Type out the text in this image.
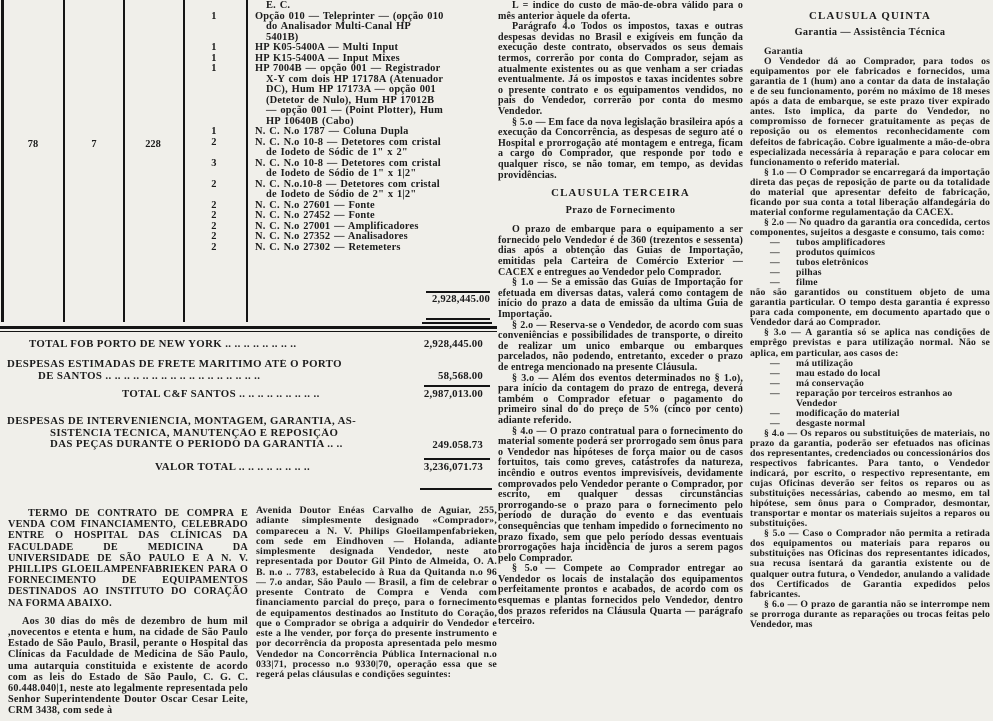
78	7	228
E. C.
1	Opção 010 — Teleprinter — (opção 010 do Analisador Multi-Canal HP 5401B)
1	HP K05-5400A — Multi Input
1	HP K15-5400A — Input Mixes
1	HP 7004B — opção 001 — Registrador X-Y com dois HP 17178A (Atenuador DC), Hum HP 17173A — opção 001 (Detetor de Nulo), Hum HP 17012B — opção 001 — (Point Plotter), Hum HP 10640B (Cabo)
1	N. C. N.o 1787 — Coluna Dupla
2	N. C. N.o 10-8 — Detetores com cristal de Iodeto de Sódic de 1" x 2"
3	N. C. N.o 10-8 — Detetores com cristal de Iodeto de Sódio de 1" x 1|2"
2	N. C. N.o.10-8 — Detetores com cristal de Iodeto de Sódio de 2" x 1|2"
2	N. C. N.o 27601 — Fonte
2	N. C. N.o 27452 — Fonte
2	N. C. N.o 27001 — Amplificadores
2	N. C. N.o 27352 — Analisadores
2	N. C. N.o 27302 — Retemeters
2,928,445.00
TOTAL FOB PORTO DE NEW YORK .. .. .. .. .. .. .. ..	2,928,445.00
DESPESAS ESTIMADAS DE FRETE MARITIMO ATÉ O PORTO
DE SANTOS .. .. .. .. .. .. .. .. .. .. .. .. .. .. .. .. ..	58,568.00
TOTAL C&F SANTOS .. .. .. .. .. .. .. .. ..	2,987,013.00
DESPESAS DE INTERVENIÊNCIA, MONTAGEM, GARANTIA, AS-
SISTÊNCIA TÉCNICA, MANUTENÇÃO E REPOSIÇÃO
DAS PEÇAS DURANTE O PERÍODO DA GARANTIA .. ..	249.058.73
VALOR TOTAL .. .. .. .. .. .. .. ..	3,236,071.73

TERMO DE CONTRATO DE COMPRA E VENDA COM FINANCIAMENTO, CELEBRADO ENTRE O HOSPITAL DAS CLÍNICAS DA FACULDADE DE MEDICINA DA UNIVERSIDADE DE SÃO PAULO E A N. V. PHILLIPS GLOEILAMPENFABRIEKEN PARA O FORNECIMENTO DE EQUIPAMENTOS DESTINADOS AO INSTITUTO DO CORAÇÃO NA FORMA ABAIXO.

Aos 30 dias do mês de dezembro de hum mil ,novecentos e etenta e hum, na cidade de São Paulo Estado de São Paulo, Brasil, perante o Hospital das Clínicas da Faculdade de Medicina de São Paulo, uma autarquia constituida e existente de acordo com as leis do Estado de São Paulo, C. G. C. 60.448.040|1, neste ato legalmente representada pelo Senhor Superintendente Doutor Oscar Cesar Leite, CRM 3438, com sede à

Avenida Doutor Enéas Carvalho de Aguiar, 255, adiante simplesmente designado «Comprador», compareceu a N. V. Philips Gloeilampenfabrieken, com sede em Eindhoven — Holanda, adiante simplesmente designada Vendedor, neste ato representada por Doutor Gil Pinto de Almeida, O. A. B. n.o .. 7783, estabelecido à Rua da Quitanda n.o 96 — 7.o andar, São Paulo — Brasil, a fim de celebrar o presente Contrato de Compra e Venda com financiamento parcial do preço, para o fornecimento de equipamentos destinados ao Instituto do Coração, que o Comprador se obriga a adquirir do Vendedor e este a lhe vender, por força do presente instrumento e por decorrência da proposta apresentada pelo mesmo Vendedor na Concorrência Pública Internacional n.o 033|71, processo n.o 9330|70, operação essa que se regerá pelas cláusulas e condições seguintes:

L = indice do custo de mão-de-obra válido para o mês anterior àquele da oferta.

Parágrafo 4.o Todos os impostos, taxas e outras despesas devidas no Brasil e exigíveis em função da execução deste contrato, observados os seus demais termos, correrão por conta do Comprador, sejam as atualmente existentes ou as que venham a ser criadas eventualmente. Já os impostos e taxas incidentes sobre o presente contrato e os equipamentos vendidos, no país do Vendedor, correrão por conta do mesmo Vendedor.

§ 5.o — Em face da nova legislação brasileira após a execução da Concorrência, as despesas de seguro até o Hospital e prorrogação até montagem e entrega, ficam a cargo do Comprador, que responde por todo e qualquer risco, se não tomar, em tempo, as devidas providências.

CLAUSULA TERCEIRA

Prazo de Fornecimento

O prazo de embarque para o equipamento a ser fornecido pelo Vendedor é de 360 (trezentos e sessenta) dias após a obtenção das Guias de Importação, emitidas pela Carteira de Comércio Exterior — CACEX e entregues ao Vendedor pelo Comprador.

§ 1.o — Se a emissão das Guias de Importação for efetuada em diversas datas, valerá como contagem de início do prazo a data de emissão da ultima Guia de Importação.

§ 2.o — Reserva-se o Vendedor, de acordo com suas conveniências e possibilidades de transporte, o direito de realizar um unico embarque ou embarques parcelados, não podendo, entretanto, exceder o prazo de entrega mencionado na presente Cláusula.

§ 3.o — Além dos eventos determinados no § 1.o), para início da contagem do prazo de entrega, deverá também o Comprador efetuar o pagamento do primeiro sinal do do preço de 5% (cinco por cento) adiante referido.

§ 4.o — O prazo contratual para o fornecimento do material somente poderá ser prorrogado sem ônus para o Vendedor nas hipóteses de força maior ou de casos fortuitos, tais como greves, catástrofes da natureza, incêndio e outros eventos imprevisíveis, devidamente comprovados pelo Vendedor perante o Comprador, por escrito, em qualquer dessas circunstâncias prorrogando-se o prazo para o fornecimento pelo período de duração do evento e das eventuais consequências que tenham impedido o fornecimento no prazo fixado, sem que pelo período dessas eventuais prorrogações haja incidência de juros a serem pagos pelo Comprador.

§ 5.o — Compete ao Comprador entregar ao Vendedor os locais de instalação dos equipamentos perfeitamente prontos e acabados, de acordo com os esquemas e plantas fornecidos pelo Vendedor, dentro dos prazos referidos na Cláusula Quarta — parágrafo terceiro.

CLAUSULA QUINTA

Garantia — Assistência Técnica

Garantia

O Vendedor dá ao Comprador, para todos os equipamentos por ele fabricados e fornecidos, uma garantia de 1 (hum) ano a contar da data de instalação e de seu funcionamento, porém no máximo de 18 meses após a data de embarque, se este prazo tiver expirado antes. Isto implica, da parte do Vendedor, no compromisso de fornecer gratuitamente as peças de reposição ou os elementos reconhecidamente com defeitos de fabricação. Cobre igualmente a mão-de-obra especializada necessária à reparação e para colocar em funcionamento o referido material.

§ 1.o — O Comprador se encarregará da importação direta das peças de reposição de parte ou da totalidade do material que apresentar defeito de fabricação, ficando por sua conta a total liberação alfandegária do material conforme regulamentação da CACEX.

§ 2.o — No quadro da garantia ora concedida, certos componentes, sujeitos a desgaste e consumo, tais como:

— tubos amplificadores
— produtos químicos
— tubos eletrônicos
— pilhas
— filme

não são garantidos ou constituem objeto de uma garantia particular. O tempo desta garantia é expresso para cada componente, em documento apartado que o Vendedor dará ao Comprador.

§ 3.o — A garantia só se aplica nas condições de emprêgo previstas e para utilização normal. Não se aplica, em particular, aos casos de:

— má utilização
— mau estado do local
— má conservação
— reparação por terceiros estranhos ao Vendedor
— modificação do material
— desgaste normal

§ 4.o — Os reparos ou substituições de materiais, no prazo da garantia, poderão ser efetuados nas oficinas dos representantes, credenciados ou concessionários dos respectivos fabricantes. Para tanto, o Vendedor indicará, por escrito, o respectivo representante, em cujas Oficinas deverão ser feitos os reparos ou as substituições necessárias, cabendo ao mesmo, em tal hipótese, sem ônus para o Comprador, desmontar, transportar e montar os materiais sujeitos a reparos ou substituições.

§ 5.o — Caso o Comprador não permita a retirada dos equipamentos ou materiais para reparos ou substituições nas Oficinas dos representantes idicados, sua recusa isentará da garantia existente ou de qualquer outra futura, o Vendedor, anulando a validade dos Certificados de Garantia expedidos pelos fabricantes.

§ 6.o — O prazo de garantia não se interrompe nem se prorroga durante as reparações ou trocas feitas pelo Vendedor, mas
